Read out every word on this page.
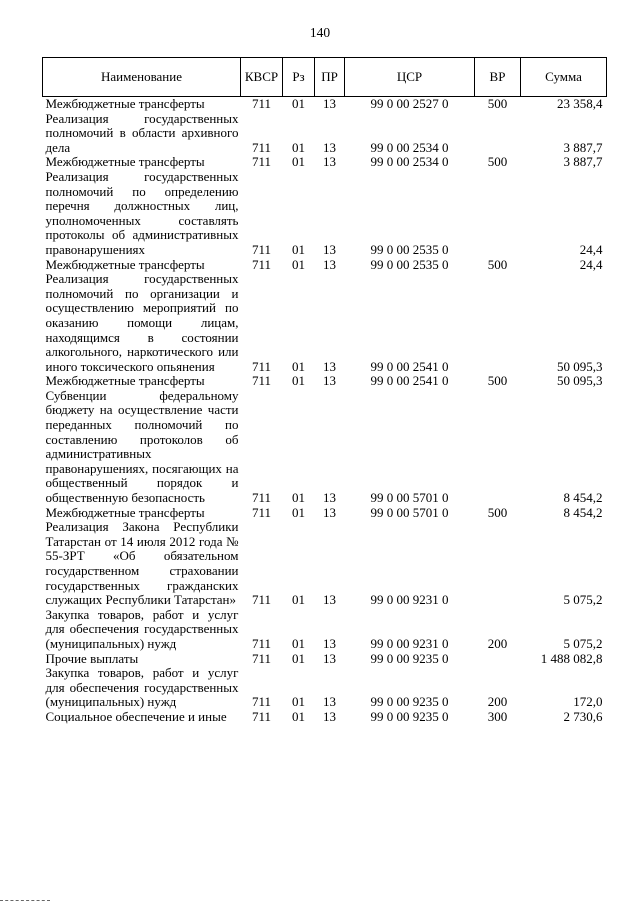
140
Наименование	КВСР	Рз	ПР	ЦСР	ВР	Сумма
Межбюджетные трансферты	711	01	13	99 0 00 2527 0	500	23 358,4
Реализация государственных полномочий в области архивного дела	711	01	13	99 0 00 2534 0		3 887,7
Межбюджетные трансферты	711	01	13	99 0 00 2534 0	500	3 887,7
Реализация государственных полномочий по определению перечня должностных лиц, уполномоченных составлять протоколы об административных правонарушениях	711	01	13	99 0 00 2535 0		24,4
Межбюджетные трансферты	711	01	13	99 0 00 2535 0	500	24,4
Реализация государственных полномочий по организации и осуществлению мероприятий по оказанию помощи лицам, находящимся в состоянии алкогольного, наркотического или иного токсического опьянения	711	01	13	99 0 00 2541 0		50 095,3
Межбюджетные трансферты	711	01	13	99 0 00 2541 0	500	50 095,3
Субвенции федеральному бюджету на осуществление части переданных полномочий по составлению протоколов об административных правонарушениях, посягающих на общественный порядок и общественную безопасность	711	01	13	99 0 00 5701 0		8 454,2
Межбюджетные трансферты	711	01	13	99 0 00 5701 0	500	8 454,2
Реализация Закона Республики Татарстан от 14 июля 2012 года № 55-ЗРТ «Об обязательном государственном страховании государственных гражданских служащих Республики Татарстан»	711	01	13	99 0 00 9231 0		5 075,2
Закупка товаров, работ и услуг для обеспечения государственных (муниципальных) нужд	711	01	13	99 0 00 9231 0	200	5 075,2
Прочие выплаты	711	01	13	99 0 00 9235 0		1 488 082,8
Закупка товаров, работ и услуг для обеспечения государственных (муниципальных) нужд	711	01	13	99 0 00 9235 0	200	172,0
Социальное обеспечение и иные	711	01	13	99 0 00 9235 0	300	2 730,6
